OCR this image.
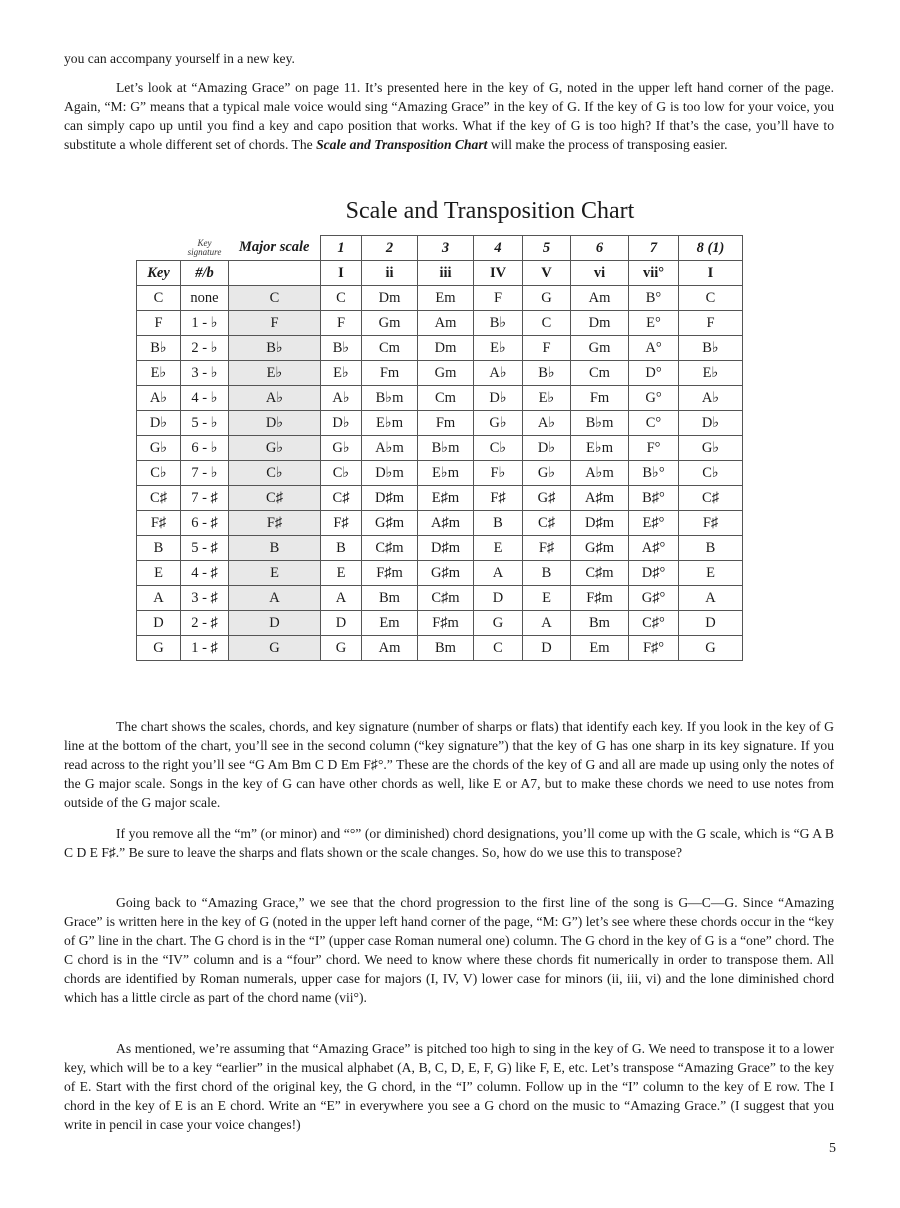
you can accompany yourself in a new key.

Let’s look at “Amazing Grace” on page 11. It’s presented here in the key of G, noted in the upper left hand corner of the page. Again, “M: G” means that a typical male voice would sing “Amazing Grace” in the key of G. If the key of G is too low for your voice, you can simply capo up until you find a key and capo position that works. What if the key of G is too high? If that’s the case, you’ll have to substitute a whole different set of chords. The Scale and Transposition Chart will make the process of transposing easier.

Scale and Transposition Chart
	Key signature	Major scale	1	2	3	4	5	6	7	8 (1)
Key	#/b		I	ii	iii	IV	V	vi	vii°	I
C	none	C	C	Dm	Em	F	G	Am	B°	C
F	1 - ♭	F	F	Gm	Am	B♭	C	Dm	E°	F
B♭	2 - ♭	B♭	B♭	Cm	Dm	E♭	F	Gm	A°	B♭
E♭	3 - ♭	E♭	E♭	Fm	Gm	A♭	B♭	Cm	D°	E♭
A♭	4 - ♭	A♭	A♭	B♭m	Cm	D♭	E♭	Fm	G°	A♭
D♭	5 - ♭	D♭	D♭	E♭m	Fm	G♭	A♭	B♭m	C°	D♭
G♭	6 - ♭	G♭	G♭	A♭m	B♭m	C♭	D♭	E♭m	F°	G♭
C♭	7 - ♭	C♭	C♭	D♭m	E♭m	F♭	G♭	A♭m	B♭°	C♭
C♯	7 - ♯	C♯	C♯	D♯m	E♯m	F♯	G♯	A♯m	B♯°	C♯
F♯	6 - ♯	F♯	F♯	G♯m	A♯m	B	C♯	D♯m	E♯°	F♯
B	5 - ♯	B	B	C♯m	D♯m	E	F♯	G♯m	A♯°	B
E	4 - ♯	E	E	F♯m	G♯m	A	B	C♯m	D♯°	E
A	3 - ♯	A	A	Bm	C♯m	D	E	F♯m	G♯°	A
D	2 - ♯	D	D	Em	F♯m	G	A	Bm	C♯°	D
G	1 - ♯	G	G	Am	Bm	C	D	Em	F♯°	G

The chart shows the scales, chords, and key signature (number of sharps or flats) that identify each key. If you look in the key of G line at the bottom of the chart, you’ll see in the second column (“key signature”) that the key of G has one sharp in its key signature. If you read across to the right you’ll see “G Am Bm C D Em F♯°.” These are the chords of the key of G and all are made up using only the notes of the G major scale. Songs in the key of G can have other chords as well, like E or A7, but to make these chords we need to use notes from outside of the G major scale.

If you remove all the “m” (or minor) and “°” (or diminished) chord designations, you’ll come up with the G scale, which is “G A B C D E F♯.” Be sure to leave the sharps and flats shown or the scale changes. So, how do we use this to transpose?

Going back to “Amazing Grace,” we see that the chord progression to the first line of the song is G—C—G. Since “Amazing Grace” is written here in the key of G (noted in the upper left hand corner of the page, “M: G”) let’s see where these chords occur in the “key of G” line in the chart. The G chord is in the “I” (upper case Roman numeral one) column. The G chord in the key of G is a “one” chord. The C chord is in the “IV” column and is a “four” chord. We need to know where these chords fit numerically in order to transpose them. All chords are identified by Roman numerals, upper case for majors (I, IV, V) lower case for minors (ii, iii, vi) and the lone diminished chord which has a little circle as part of the chord name (vii°).

As mentioned, we’re assuming that “Amazing Grace” is pitched too high to sing in the key of G. We need to transpose it to a lower key, which will be to a key “earlier” in the musical alphabet (A, B, C, D, E, F, G) like F, E, etc. Let’s transpose “Amazing Grace” to the key of E. Start with the first chord of the original key, the G chord, in the “I” column. Follow up in the “I” column to the key of E row. The I chord in the key of E is an E chord. Write an “E” in everywhere you see a G chord on the music to “Amazing Grace.” (I suggest that you write in pencil in case your voice changes!)

5
